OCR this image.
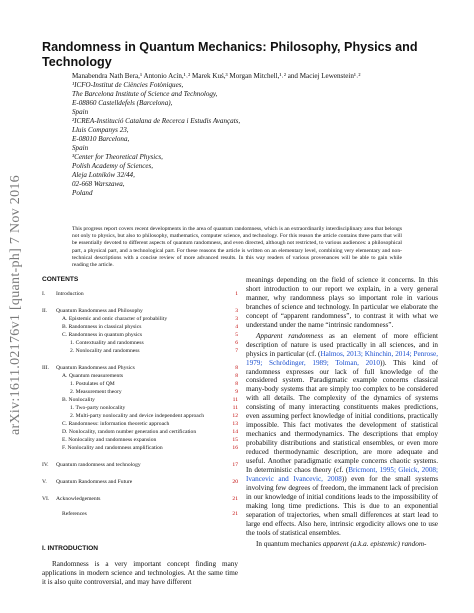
arXiv:1611.02176v1 [quant-ph] 7 Nov 2016
Randomness in Quantum Mechanics: Philosophy, Physics and Technology
Manabendra Nath Bera,¹ Antonio Acín,¹˒² Marek Kuś,³ Morgan Mitchell,¹˒² and Maciej Lewenstein¹˒²
¹ICFO-Institut de Ciències Fotòniques,
The Barcelona Institute of Science and Technology,
E-08860 Castelldefels (Barcelona),
Spain
²ICREA-Institució Catalana de Recerca i Estudis Avançats,
Lluis Companys 23,
E-08010 Barcelona,
Spain
³Center for Theoretical Physics,
Polish Academy of Sciences,
Aleja Lotników 32/44,
02-668 Warszawa,
Poland
This progress report covers recent developments in the area of quantum randomness, which is an extraordinarily interdisciplinary area that belongs not only to physics, but also to philosophy, mathematics, computer science, and technology. For this reason the article contains three parts that will be essentially devoted to different aspects of quantum randomness, and even directed, although not restricted, to various audiences: a philosophical part, a physical part, and a technological part. For these reasons the article is written on an elementary level, combining very elementary and non-technical descriptions with a concise review of more advanced results. In this way readers of various provenances will be able to gain while reading the article.
CONTENTS
I. Introduction	1
II. Quantum Randomness and Philosophy	3
A. Epistemic and ontic character of probability	3
B. Randomness in classical physics	4
C. Randomness in quantum physics	5
1. Contextuality and randomness	6
2. Nonlocality and randomness	7
III. Quantum Randomness and Physics	8
A. Quantum measurements	8
1. Postulates of QM	8
2. Measurement theory	9
B. Nonlocality	11
1. Two-party nonlocality	11
2. Multi-party nonlocality and device independent approach	12
C. Randomness: information theoretic approach	13
D. Nonlocality, random number generation and certification	14
E. Nonlocality and randomness expansion	15
F. Nonlocality and randomness amplification	16
IV. Quantum randomness and technology	17
V. Quantum Randomness and Future	20
VI. Acknowledgements	21
References	21
I. INTRODUCTION
Randomness is a very important concept finding many applications in modern science and technologies. At the same time it is also quite controversial, and may have different

meanings depending on the field of science it concerns. In this short introduction to our report we explain, in a very general manner, why randomness plays so important role in various branches of science and technology. In particular we elaborate the concept of “apparent randomness”, to contrast it with what we understand under the name “intrinsic randomness”.

Apparent randomness as an element of more efficient description of nature is used practically in all sciences, and in physics in particular (cf. (Halmos, 2013; Khinchin, 2014; Penrose, 1979; Schrödinger, 1989; Tolman, 2010)). This kind of randomness expresses our lack of full knowledge of the considered system. Paradigmatic example concerns classical many-body systems that are simply too complex to be considered with all details. The complexity of the dynamics of systems consisting of many interacting constituents makes predictions, even assuming perfect knowledge of initial conditions, practically impossible. This fact motivates the development of statistical mechanics and thermodynamics. The descriptions that employ probability distributions and statistical ensembles, or even more reduced thermodynamic description, are more adequate and useful. Another paradigmatic example concerns chaotic systems. In deterministic chaos theory (cf. (Bricmont, 1995; Gleick, 2008; Ivancevic and Ivancevic, 2008)) even for the small systems involving few degrees of freedom, the immanent lack of precision in our knowledge of initial conditions leads to the impossibility of making long time predictions. This is due to an exponential separation of trajectories, when small differences at start lead to large end effects. Also here, intrinsic ergodicity allows one to use the tools of statistical ensembles.

In quantum mechanics apparent (a.k.a. epistemic) random-
